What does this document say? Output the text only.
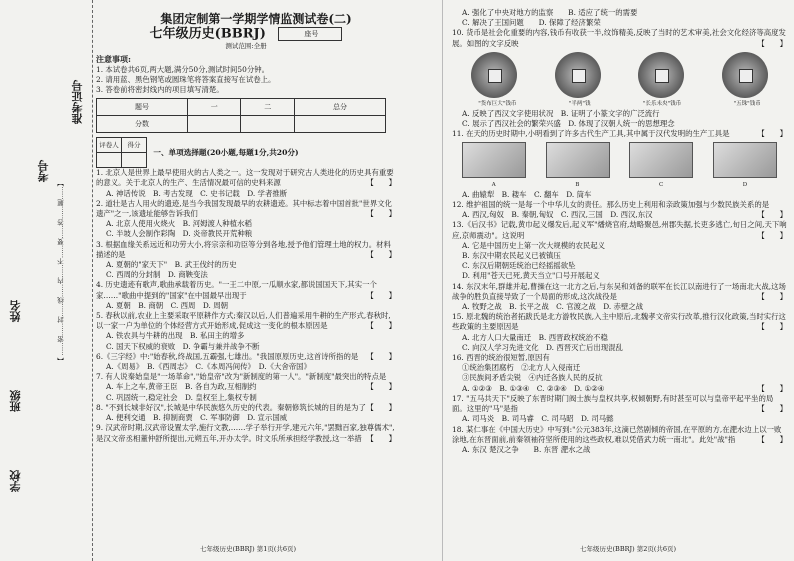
学校
班级
姓名
考号
准考证号
【 ……密……封……线……内……不……要……答……题……】
集团定制第一学期学情监测试卷(二)
七年级历史(BBRJ)	座号
测试范围:全册
注意事项:
1. 本试卷共6页,两大题,满分50分,测试时间50分钟。
2. 请用蓝、黑色钢笔或圆珠笔将答案直接写在试卷上。
3. 答卷前将密封线内的项目填写清楚。
题号	一	二	总分
分数			
评卷人	得分
	一、单项选择题(20小题,每题1分,共20分)
1. 北京人是世界上最早使用火的古人类之一。这一发现对于研究古人类进化的历史具有重要的意义。关于北京人的生产、生活情况最可信的史料来源	【　　】
A. 神话传说　 B. 考古发现　 C. 史书记载　 D. 学者推断
2. 道壮是古人用火的遗迹,是当今我国发现最早的农耕遗迹。其中标志着中国首批"世界文化遗产"之一,该遗址能够告诉我们	【　　】
A. 北京人使用火烧火　 B. 河姆渡人种植水稻
C. 半坡人会制作彩陶　 D. 炎帝教民开荒种粮
3. 根据血缘关系远近和功劳大小,将宗亲和功臣等分到各地,授予他们管理土地的权力。材料描述的是	【　　】
A. 夏朝的"家天下"　 B. 武王伐纣的历史
C. 西周的分封制　 D. 商鞅变法
4. 历史遗迹有歌声,歌曲承载着历史。"一王二中原,一瓜顺水家,都说国国天下,其实一个家……"歌曲中提到的"国家"在中国最早出现于	【　　】
A. 夏朝　 B. 商朝　 C. 西周　 D. 周朝
5. 春秋以前,农业上主要采取平原耕作方式;秦汉以后,人们普遍采用牛耕的生产形式,春秋时,以一家一户为单位的个体经营方式开始形成,促成这一变化的根本原因是	【　　】
A. 铁农具与牛耕的出现　 B. 私田主的增多
C. 国天下权威的衰败　 D. 争霸与兼并战争不断
6.《三字经》中:"始春秋,终战国,五霸强,七雄出。"我国原原历史,这首诗所指的是 【　　】
A.《周易》　 B.《西周志》　 C.《本周冯间传》　 D.《大舍帝国》
7. 有人说秦始皇是"一场革命","始皇帝"改为"新制度的第一人"。"新制度"最突出的特点是
【　　】
A. 车上之车,黄帝王臣　 B. 各自为政,互相制约
C. 巩固统一,稳定社会　 D. 皇权至上,集权专制
8. "不到长城非好汉",长城是中华民族悠久历史的代表。秦朝修筑长城的目的是为了 【　　】
A. 便利交通　 B. 抑制商贾　 C. 军事防御　 D. 宣示国威
9. 汉武帝时期,汉武帝设置太学,施行文教,……学子举行开学,建元六年,"罢黜百家,独尊儒术",是汉文帝丞相董仲舒所提出,元朔五年,开办太学。时文乐所承担经学教授,这一举措 【　　】
七年级历史(BBRJ) 第1页(共6页)
A. 强化了中央对地方的监察　　 B. 适应了统一的需要
C. 解决了王国问题　　 D. 保障了经济繁荣
10. 货币是社会化重要的内容,钱币有收获一半,纹饰精美,反映了当时的艺术审美,社会文化经济等高度发展。如图的文字反映	【　　】
"货布巨大"钱币	"半两"钱	"长乐未央"钱币	"五铢"钱币
A. 反映了西汉文字使用状况　 B. 证明了小篆文字的广泛流行
C. 展示了西汉社会的繁荣兴盛　 D. 体现了汉朝人统一的思想理念
11. 在天的历史时期中,小明看到了许多古代生产工具,其中属于汉代发明的生产工具是	【　　】
A	B	C	D
A. 曲辕犁　 B. 耧车　 C. 翻车　 D. 筒车
12. 维护祖国的统一是每一个中华儿女的责任。那么历史上利用和亲政策加强与少数民族关系的是
【　　】
A. 西汉,匈奴　 B. 秦朝,匈奴　 C. 西汉,三国　 D. 西汉,东汉
13.《后汉书》记载,黄巾起义爆发后,起义军"燔烧官府,劫略聚邑,州郡失据,长吏多逃亡,旬日之间,天下响应,京师震动"。这说明	【　　】
A. 它是中国历史上第一次大规模的农民起义
B. 东汉中期农民起义已被镇压
C. 东汉后期朝廷统治已经摇摇欲坠
D. 利用"苍天已死,黄天当立"口号开展起义
14. 东汉末年,群雄并起,曹操在这一北方之后,与东吴和刘备的联军在长江以南进行了一场南北大战,这场战争的胜负直接导致了一个局面的形成,这次战役是	【　　】
A. 牧野之战　 B. 长平之战　 C. 官渡之战　 D. 赤壁之战
15. 原北魏的统治者拓跋氏是北方游牧民族,入主中原后,北魏孝文帝实行改革,推行汉化政策,当时实行这些政策的主要原因是	【　　】
A. 北方人口大量南迁　 B. 西晋政权统治不稳
C. 向汉人学习先进文化　 D. 西晋灭亡后出现混乱
16. 西晋的统治很短暂,原因有
①统治集团腐朽　 ②北方人入侵南迁
③民族间矛盾尖锐　 ④内迁各族人民的反抗
A. ①②③　 B. ①③④　 C. ②③④　 D. ①②④	【　　】
17. "五马共天下"反映了东晋时期门阀士族与皇权共享,权倾朝野,有时甚至可以与皇帝平起平坐的局面。这里的"马"是指	【　　】
A. 司马炎　 B. 司马睿　 C. 司马昭　 D. 司马懿
18. 某仁事在《中国大历史》中写到:"公元383年,这滴已然剧倾的帝国,在平原的方,在淝水边上以一败涂地,在东晋面前,前秦领袖符坚所使用的这些政权,难以凭借武力统一南北"。此处"战"指	【　　】
A. 东汉 楚汉之争　　 B. 东晋 淝水之战
七年级历史(BBRJ) 第2页(共6页)
